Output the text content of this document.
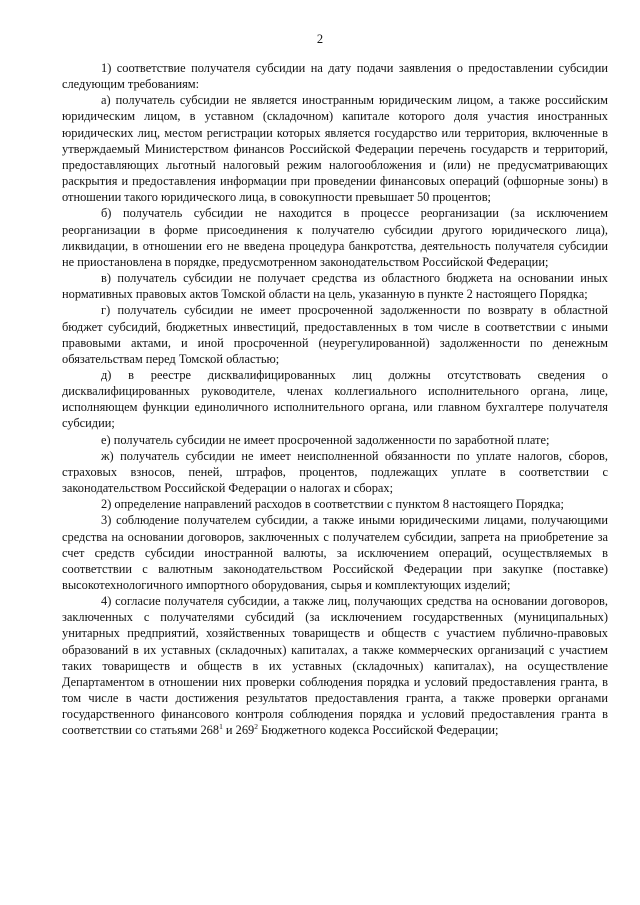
2

1) соответствие получателя субсидии на дату подачи заявления о предоставлении субсидии следующим требованиям:

а) получатель субсидии не является иностранным юридическим лицом, а также российским юридическим лицом, в уставном (складочном) капитале которого доля участия иностранных юридических лиц, местом регистрации которых является государство или территория, включенные в утверждаемый Министерством финансов Российской Федерации перечень государств и территорий, предоставляющих льготный налоговый режим налогообложения и (или) не предусматривающих раскрытия и предоставления информации при проведении финансовых операций (офшорные зоны) в отношении такого юридического лица, в совокупности превышает 50 процентов;

б) получатель субсидии не находится в процессе реорганизации (за исключением реорганизации в форме присоединения к получателю субсидии другого юридического лица), ликвидации, в отношении его не введена процедура банкротства, деятельность получателя субсидии не приостановлена в порядке, предусмотренном законодательством Российской Федерации;

в) получатель субсидии не получает средства из областного бюджета на основании иных нормативных правовых актов Томской области на цель, указанную в пункте 2 настоящего Порядка;

г) получатель субсидии не имеет просроченной задолженности по возврату в областной бюджет субсидий, бюджетных инвестиций, предоставленных в том числе в соответствии с иными правовыми актами, и иной просроченной (неурегулированной) задолженности по денежным обязательствам перед Томской областью;

д) в реестре дисквалифицированных лиц должны отсутствовать сведения о дисквалифицированных руководителе, членах коллегиального исполнительного органа, лице, исполняющем функции единоличного исполнительного органа, или главном бухгалтере получателя субсидии;

е) получатель субсидии не имеет просроченной задолженности по заработной плате;

ж) получатель субсидии не имеет неисполненной обязанности по уплате налогов, сборов, страховых взносов, пеней, штрафов, процентов, подлежащих уплате в соответствии с законодательством Российской Федерации о налогах и сборах;

2) определение направлений расходов в соответствии с пунктом 8 настоящего Порядка;

3) соблюдение получателем субсидии, а также иными юридическими лицами, получающими средства на основании договоров, заключенных с получателем субсидии, запрета на приобретение за счет средств субсидии иностранной валюты, за исключением операций, осуществляемых в соответствии с валютным законодательством Российской Федерации при закупке (поставке) высокотехнологичного импортного оборудования, сырья и комплектующих изделий;

4) согласие получателя субсидии, а также лиц, получающих средства на основании договоров, заключенных с получателями субсидий (за исключением государственных (муниципальных) унитарных предприятий, хозяйственных товариществ и обществ с участием публично-правовых образований в их уставных (складочных) капиталах, а также коммерческих организаций с участием таких товариществ и обществ в их уставных (складочных) капиталах), на осуществление Департаментом в отношении них проверки соблюдения порядка и условий предоставления гранта, в том числе в части достижения результатов предоставления гранта, а также проверки органами государственного финансового контроля соблюдения порядка и условий предоставления гранта в соответствии со статьями $268^1$ и $269^2$ Бюджетного кодекса Российской Федерации;
